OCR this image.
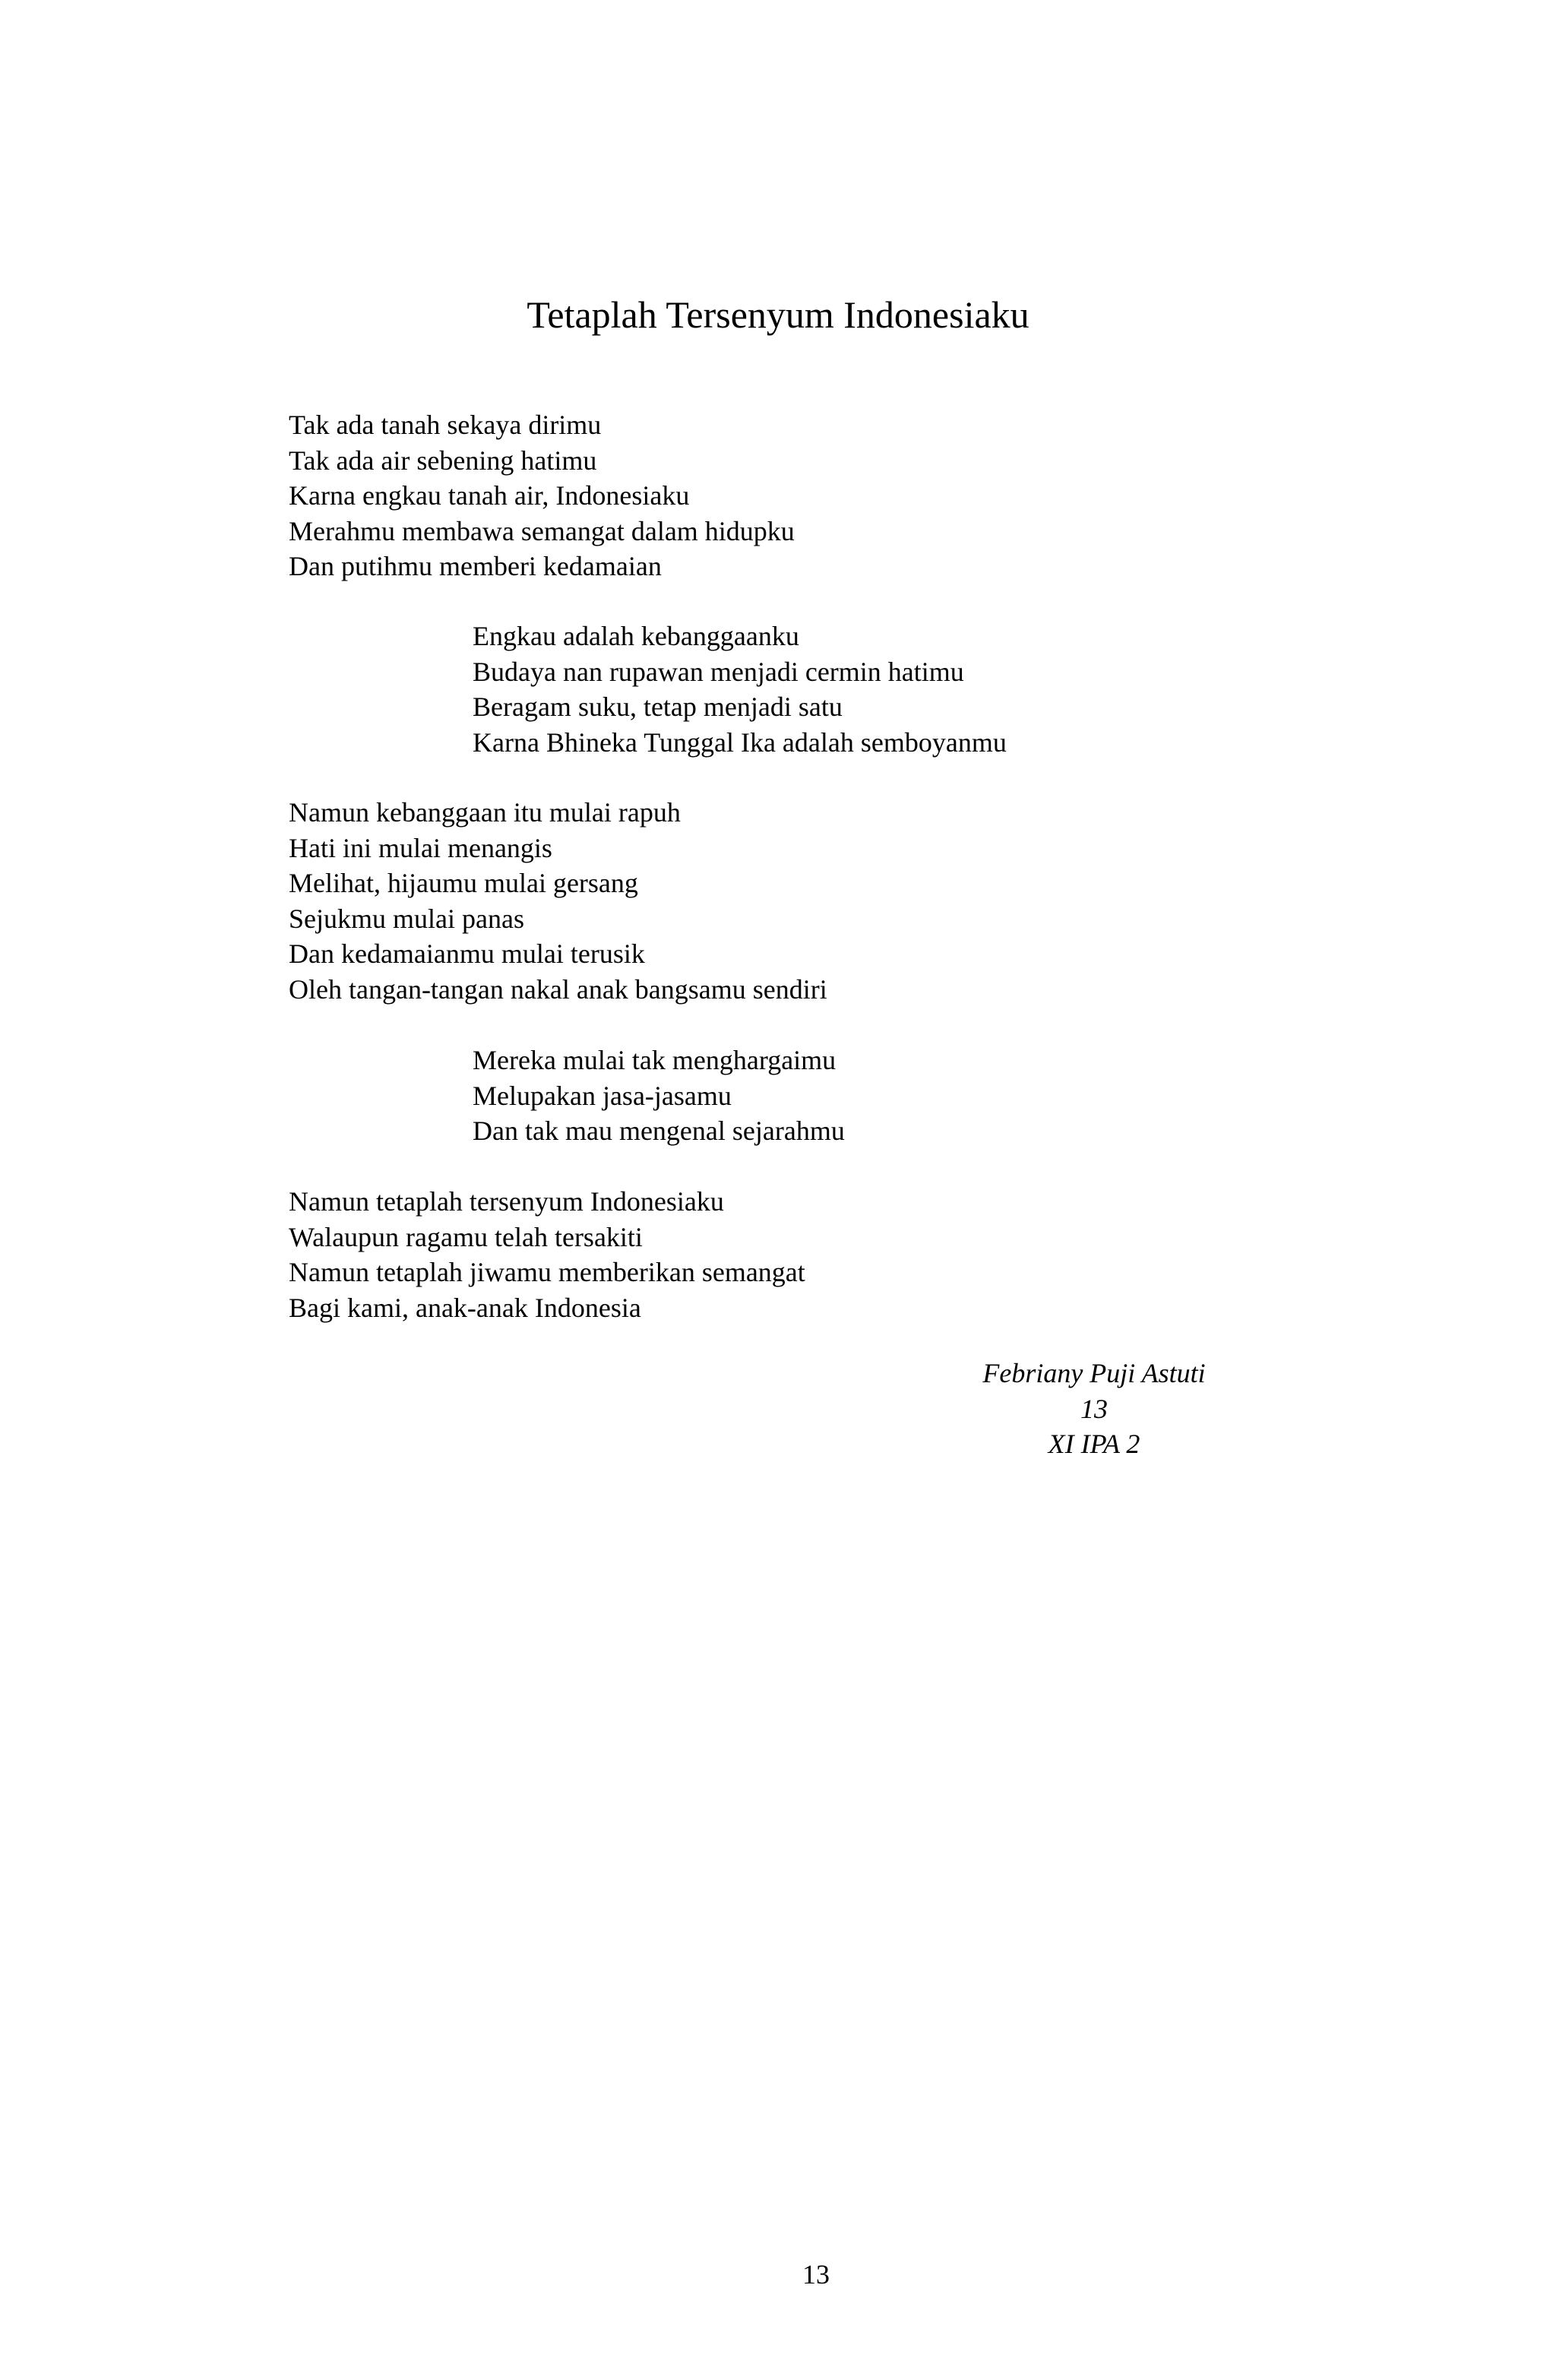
Tetaplah Tersenyum Indonesiaku
Tak ada tanah sekaya dirimu
Tak ada air sebening hatimu
Karna engkau tanah air, Indonesiaku
Merahmu membawa semangat dalam hidupku
Dan putihmu memberi kedamaian
Engkau adalah kebanggaanku
Budaya nan rupawan menjadi cermin hatimu
Beragam suku, tetap menjadi satu
Karna Bhineka Tunggal Ika adalah semboyanmu
Namun kebanggaan itu mulai rapuh
Hati ini mulai menangis
Melihat, hijaumu mulai gersang
Sejukmu mulai panas
Dan kedamaianmu mulai terusik
Oleh tangan-tangan nakal anak bangsamu sendiri
Mereka mulai tak menghargaimu
Melupakan jasa-jasamu
Dan tak mau mengenal sejarahmu
Namun tetaplah tersenyum Indonesiaku
Walaupun ragamu telah tersakiti
Namun tetaplah jiwamu memberikan semangat
Bagi kami, anak-anak Indonesia
Febriany Puji Astuti
13
XI IPA 2
13
